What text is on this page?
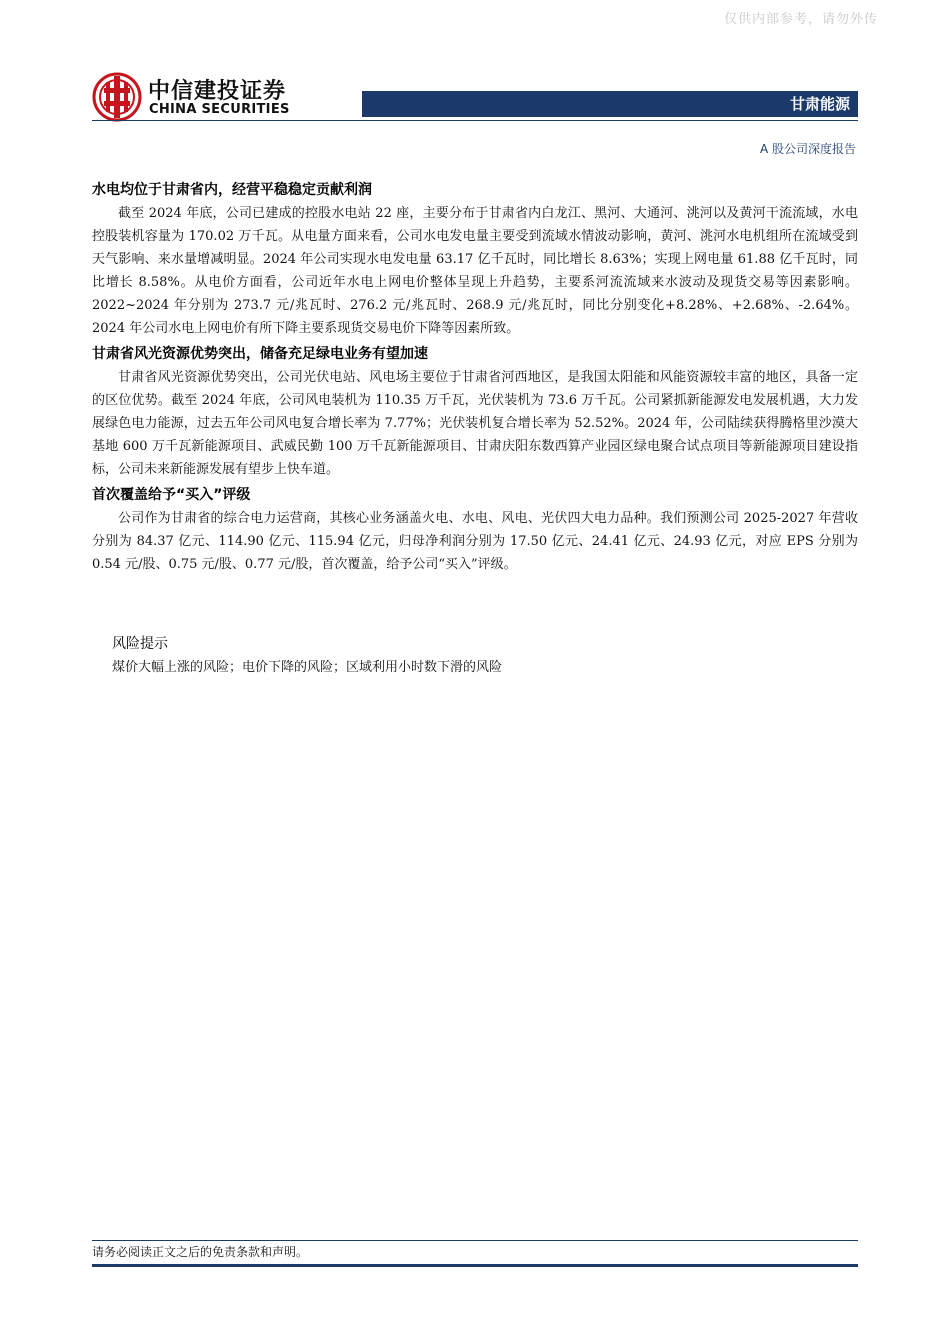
仅供内部参考，请勿外传
中信建投证券
CHINA SECURITIES	甘肃能源
A 股公司深度报告
水电均位于甘肃省内，经营平稳稳定贡献利润

截至 2024 年底，公司已建成的控股水电站 22 座，主要分布于甘肃省内白龙江、黑河、大通河、洮河以及黄河干流流域，水电控股装机容量为 170.02 万千瓦。从电量方面来看，公司水电发电量主要受到流域水情波动影响，黄河、洮河水电机组所在流域受到天气影响、来水量增减明显。2024 年公司实现水电发电量 63.17 亿千瓦时，同比增长 8.63%；实现上网电量 61.88 亿千瓦时，同比增长 8.58%。从电价方面看，公司近年水电上网电价整体呈现上升趋势，主要系河流流域来水波动及现货交易等因素影响。2022~2024 年分别为 273.7 元/兆瓦时、276.2 元/兆瓦时、268.9 元/兆瓦时，同比分别变化+8.28%、+2.68%、-2.64%。2024 年公司水电上网电价有所下降主要系现货交易电价下降等因素所致。

甘肃省风光资源优势突出，储备充足绿电业务有望加速

甘肃省风光资源优势突出，公司光伏电站、风电场主要位于甘肃省河西地区，是我国太阳能和风能资源较丰富的地区，具备一定的区位优势。截至 2024 年底，公司风电装机为 110.35 万千瓦，光伏装机为 73.6 万千瓦。公司紧抓新能源发电发展机遇，大力发展绿色电力能源，过去五年公司风电复合增长率为 7.77%；光伏装机复合增长率为 52.52%。2024 年，公司陆续获得腾格里沙漠大基地 600 万千瓦新能源项目、武威民勤 100 万千瓦新能源项目、甘肃庆阳东数西算产业园区绿电聚合试点项目等新能源项目建设指标，公司未来新能源发展有望步上快车道。

首次覆盖给予“买入”评级

公司作为甘肃省的综合电力运营商，其核心业务涵盖火电、水电、风电、光伏四大电力品种。我们预测公司 2025-2027 年营收分别为 84.37 亿元、114.90 亿元、115.94 亿元，归母净利润分别为 17.50 亿元、24.41 亿元、24.93 亿元，对应 EPS 分别为 0.54 元/股、0.75 元/股、0.77 元/股，首次覆盖，给予公司“买入”评级。

风险提示
煤价大幅上涨的风险；电价下降的风险；区域利用小时数下滑的风险
请务必阅读正文之后的免责条款和声明。
